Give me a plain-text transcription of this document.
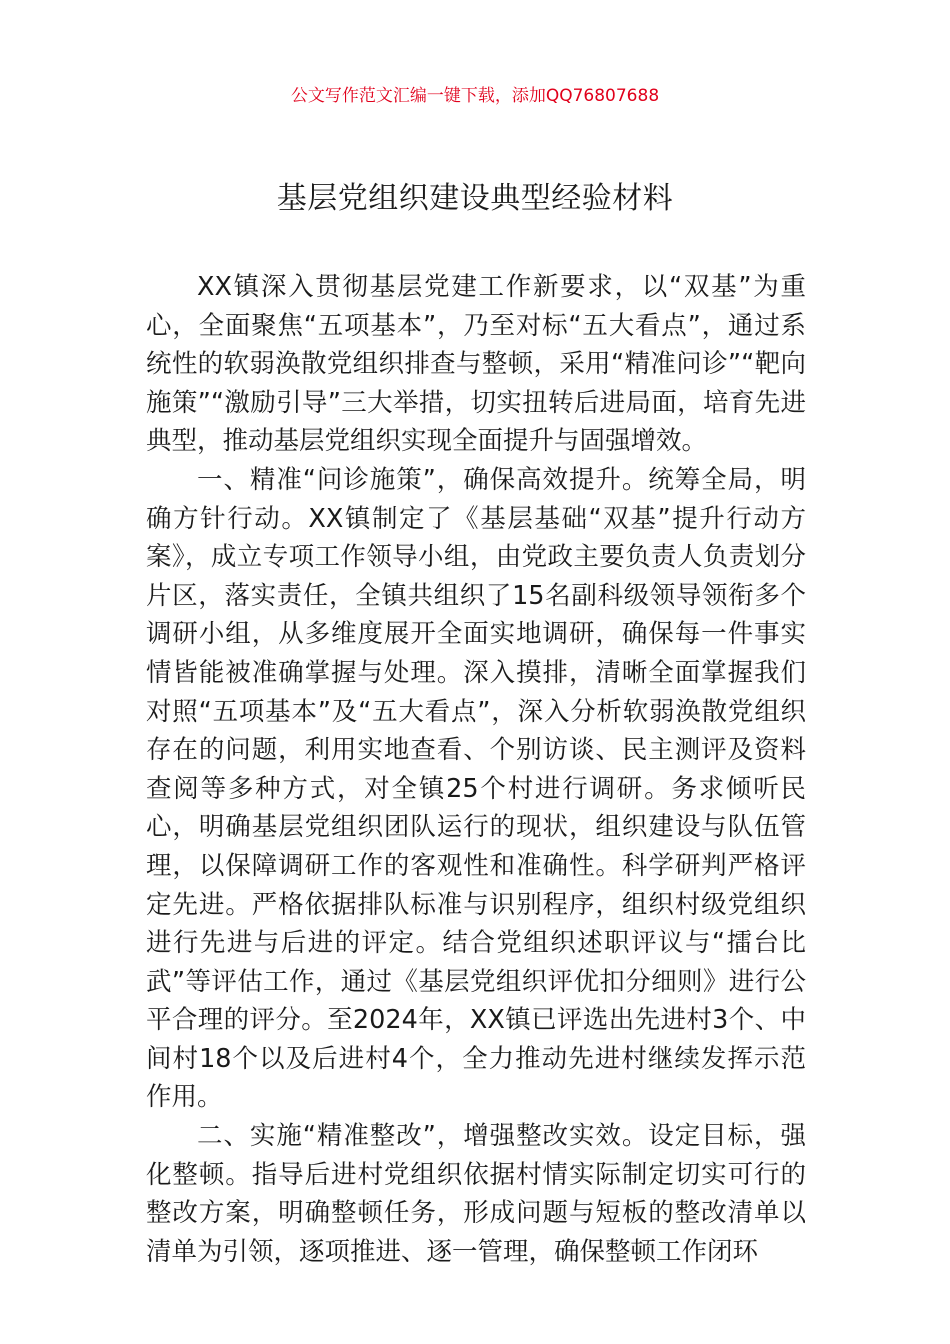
公文写作范文汇编一键下载，添加QQ76807688
基层党组织建设典型经验材料

XX镇深入贯彻基层党建工作新要求，以“双基”为重心，全面聚焦“五项基本”，乃至对标“五大看点”，通过系统性的软弱涣散党组织排查与整顿，采用“精准问诊”“靶向施策”“激励引导”三大举措，切实扭转后进局面，培育先进典型，推动基层党组织实现全面提升与固强增效。

一、精准“问诊施策”，确保高效提升。统筹全局，明确方针行动。XX镇制定了《基层基础“双基”提升行动方案》，成立专项工作领导小组，由党政主要负责人负责划分片区，落实责任，全镇共组织了15名副科级领导领衔多个调研小组，从多维度展开全面实地调研，确保每一件事实情皆能被准确掌握与处理。深入摸排，清晰全面掌握我们对照“五项基本”及“五大看点”，深入分析软弱涣散党组织存在的问题，利用实地查看、个别访谈、民主测评及资料查阅等多种方式，对全镇25个村进行调研。务求倾听民心，明确基层党组织团队运行的现状，组织建设与队伍管理，以保障调研工作的客观性和准确性。科学研判严格评定先进。严格依据排队标准与识别程序，组织村级党组织进行先进与后进的评定。结合党组织述职评议与“擂台比武”等评估工作，通过《基层党组织评优扣分细则》进行公平合理的评分。至2024年，XX镇已评选出先进村3个、中间村18个以及后进村4个，全力推动先进村继续发挥示范作用。

二、实施“精准整改”，增强整改实效。设定目标，强化整顿。指导后进村党组织依据村情实际制定切实可行的整改方案，明确整顿任务，形成问题与短板的整改清单以清单为引领，逐项推进、逐一管理，确保整顿工作闭环
